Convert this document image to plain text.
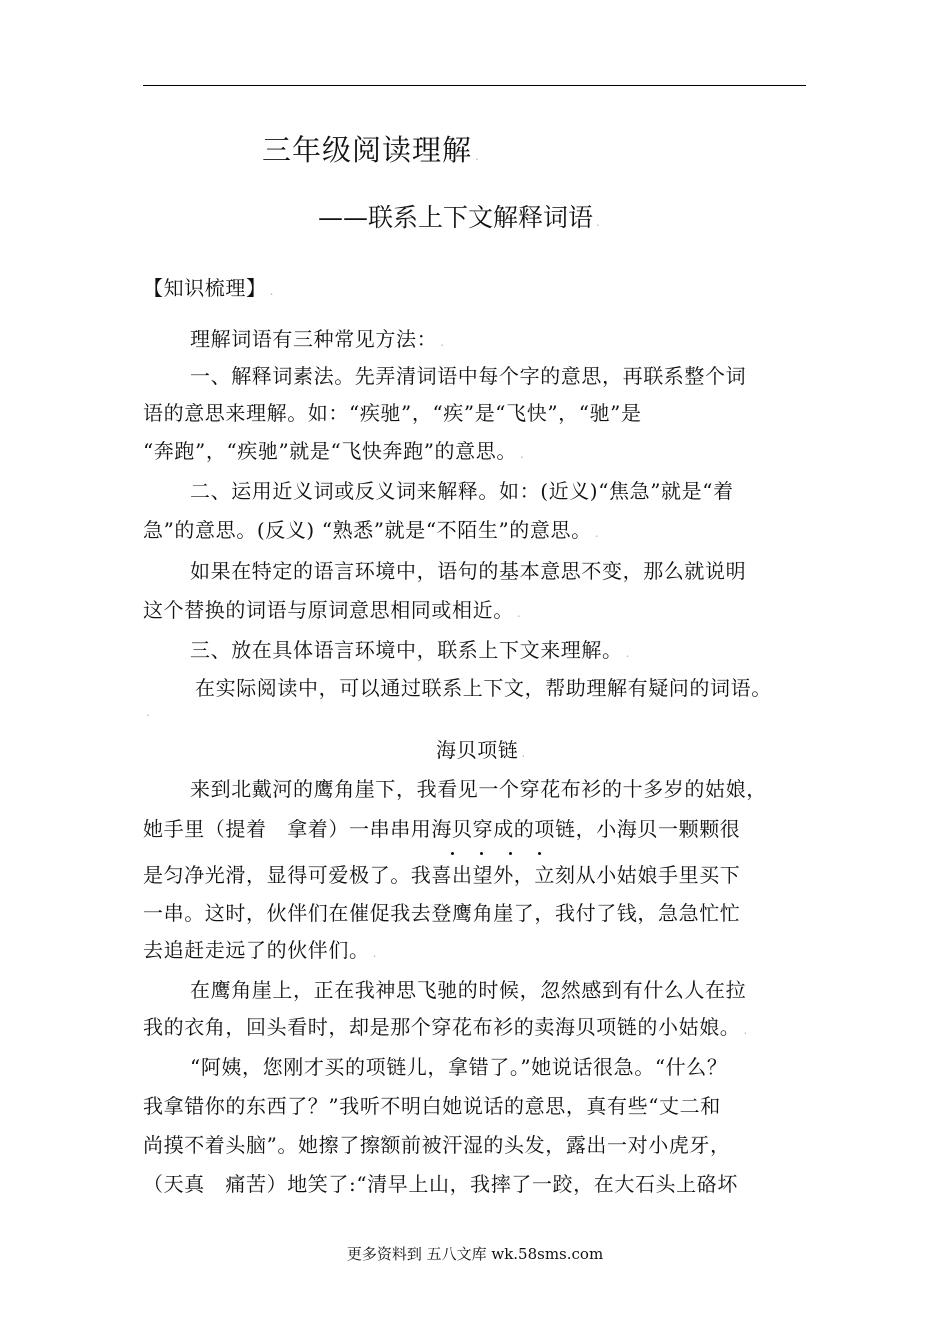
三年级阅读理解 .
——联系上下文解释词语 .
【知识梳理】 .
理解词语有三种常见方法： .
一、解释词素法。先弄清词语中每个字的意思，再联系整个词
语的意思来理解。如：“疾驰”，“疾”是“飞快”，“驰”是
“奔跑”，“疾驰”就是“飞快奔跑”的意思。 .
二、运用近义词或反义词来解释。如：(近义)“焦急”就是“着
急”的意思。(反义) “熟悉”就是“不陌生”的意思。 .
如果在特定的语言环境中，语句的基本意思不变，那么就说明
这个替换的词语与原词意思相同或相近。 .
三、放在具体语言环境中，联系上下文来理解。 .
在实际阅读中，可以通过联系上下文，帮助理解有疑问的词语。
.
海贝项链 .
来到北戴河的鹰角崖下，我看见一个穿花布衫的十多岁的姑娘，
她手里（提着　拿着）一串串用海贝穿成的项链，小海贝一颗颗很
是匀净光滑，显得可爱极了。我喜出望外，立刻从小姑娘手里买下
一串。这时，伙伴们在催促我去登鹰角崖了，我付了钱，急急忙忙
去追赶走远了的伙伴们。 .
在鹰角崖上，正在我神思飞驰的时候，忽然感到有什么人在拉
我的衣角，回头看时，却是那个穿花布衫的卖海贝项链的小姑娘。 .
“阿姨，您刚才买的项链儿，拿错了。”她说话很急。“什么？
我拿错你的东西了？”我听不明白她说话的意思，真有些“丈二和
尚摸不着头脑”。她擦了擦额前被汗湿的头发，露出一对小虎牙，
（天真　痛苦）地笑了:“清早上山，我摔了一跤，在大石头上硌坏
更多资料到 五八文库 wk.58sms.com
